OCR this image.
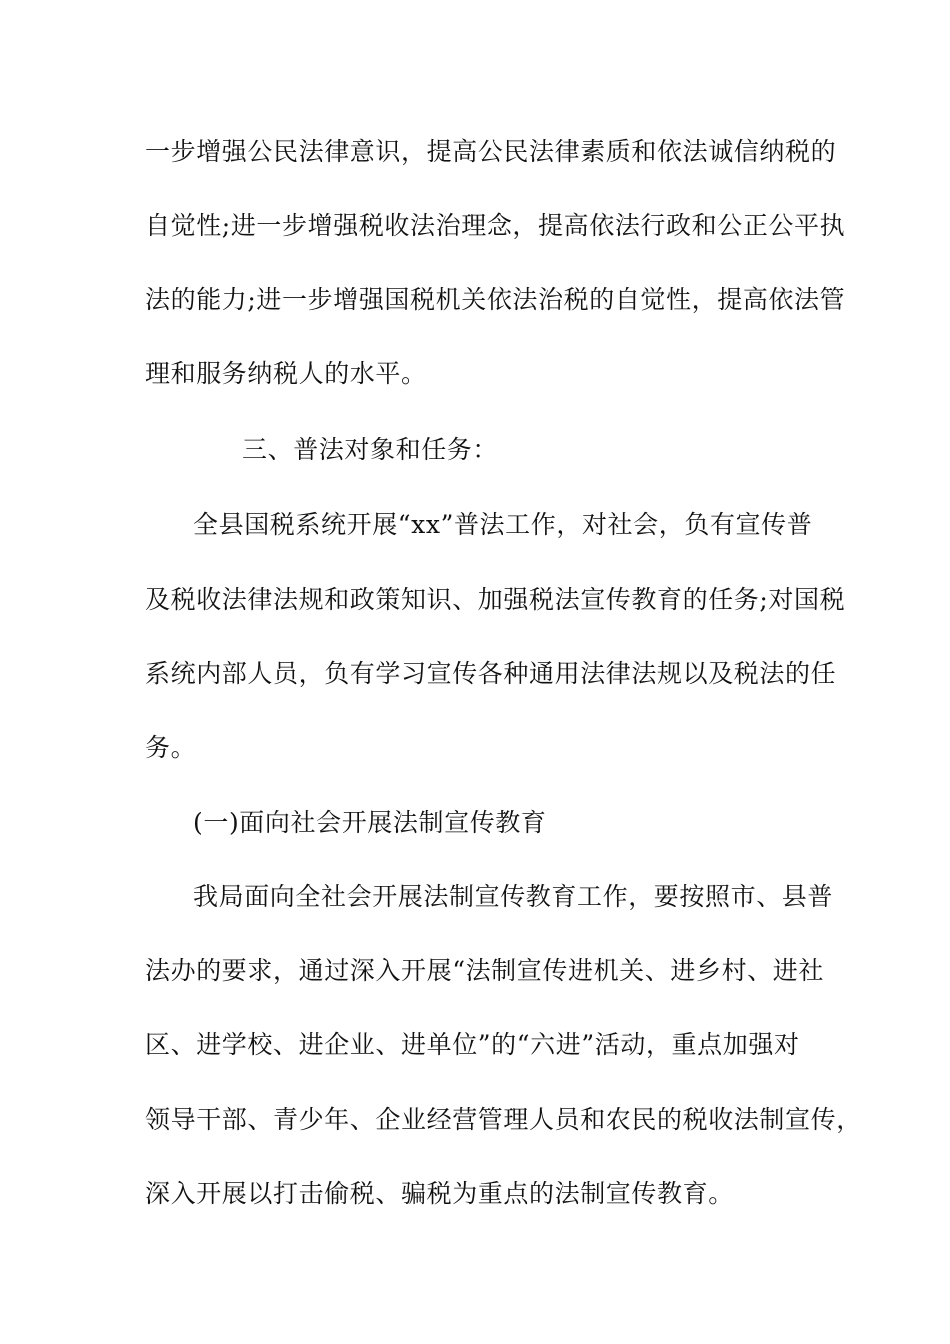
一步增强公民法律意识，提高公民法律素质和依法诚信纳税的
自觉性;进一步增强税收法治理念，提高依法行政和公正公平执
法的能力;进一步增强国税机关依法治税的自觉性，提高依法管
理和服务纳税人的水平。
三、普法对象和任务：
全县国税系统开展“xx”普法工作，对社会，负有宣传普
及税收法律法规和政策知识、加强税法宣传教育的任务;对国税
系统内部人员，负有学习宣传各种通用法律法规以及税法的任
务。
(一)面向社会开展法制宣传教育
我局面向全社会开展法制宣传教育工作，要按照市、县普
法办的要求，通过深入开展“法制宣传进机关、进乡村、进社
区、进学校、进企业、进单位”的“六进”活动，重点加强对
领导干部、青少年、企业经营管理人员和农民的税收法制宣传，
深入开展以打击偷税、骗税为重点的法制宣传教育。
